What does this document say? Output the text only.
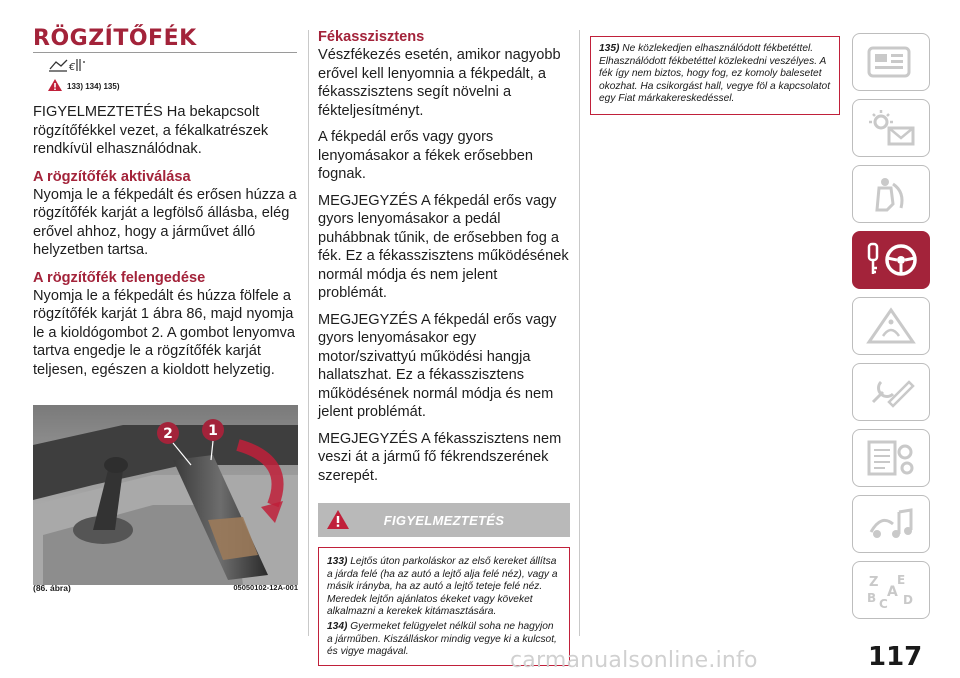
RÖGZÍTŐFÉK
€
133) 134) 135)

FIGYELMEZTETÉS Ha bekapcsolt rögzítőfékkel vezet, a fékalkatrészek rendkívül elhasználódnak.

A rögzítőfék aktiválása

Nyomja le a fékpedált és erősen húzza a rögzítőfék karját a legfölső állásba, elég erővel ahhoz, hogy a járművet álló helyzetben tartsa.

A rögzítőfék felengedése

Nyomja le a fékpedált és húzza fölfele a rögzítőfék karját 1 ábra 86, majd nyomja le a kioldógombot 2. A gombot lenyomva tartva engedje le a rögzítőfék karját teljesen, egészen a kioldott helyzetig.

2	1
(86. ábra)	05050102-12A-001
Fékasszisztens

Vészfékezés esetén, amikor nagyobb erővel kell lenyomnia a fékpedált, a fékasszisztens segít növelni a fékteljesítményt.

A fékpedál erős vagy gyors lenyomásakor a fékek erősebben fognak.

MEGJEGYZÉS A fékpedál erős vagy gyors lenyomásakor a pedál puhábbnak tűnik, de erősebben fog a fék. Ez a fékasszisztens működésének normál módja és nem jelent problémát.

MEGJEGYZÉS A fékpedál erős vagy gyors lenyomásakor egy motor/szivattyú működési hangja hallatszhat. Ez a fékasszisztens működésének normál módja és nem jelent problémát.

MEGJEGYZÉS A fékasszisztens nem veszi át a jármű fő fékrendszerének szerepét.

FIGYELMEZTETÉS

133) Lejtős úton parkoláskor az első kereket állítsa a járda felé (ha az autó a lejtő alja felé néz), vagy a másik irányba, ha az autó a lejtő teteje felé néz. Meredek lejtőn ajánlatos ékeket vagy köveket alkalmazni a kerekek kitámasztására.

134) Gyermeket felügyelet nélkül soha ne hagyjon a járműben. Kiszálláskor mindig vegye ki a kulcsot, és vigye magával.

135) Ne közlekedjen elhasználódott fékbetéttel. Elhasználódott fékbetéttel közlekedni veszélyes. A fék így nem biztos, hogy fog, ez komoly balesetet okozhat. Ha csikorgást hall, vegye föl a kapcsolatot egy Fiat márkakereskedéssel.
Z E
A
B C D
carmanualsonline.info	117
